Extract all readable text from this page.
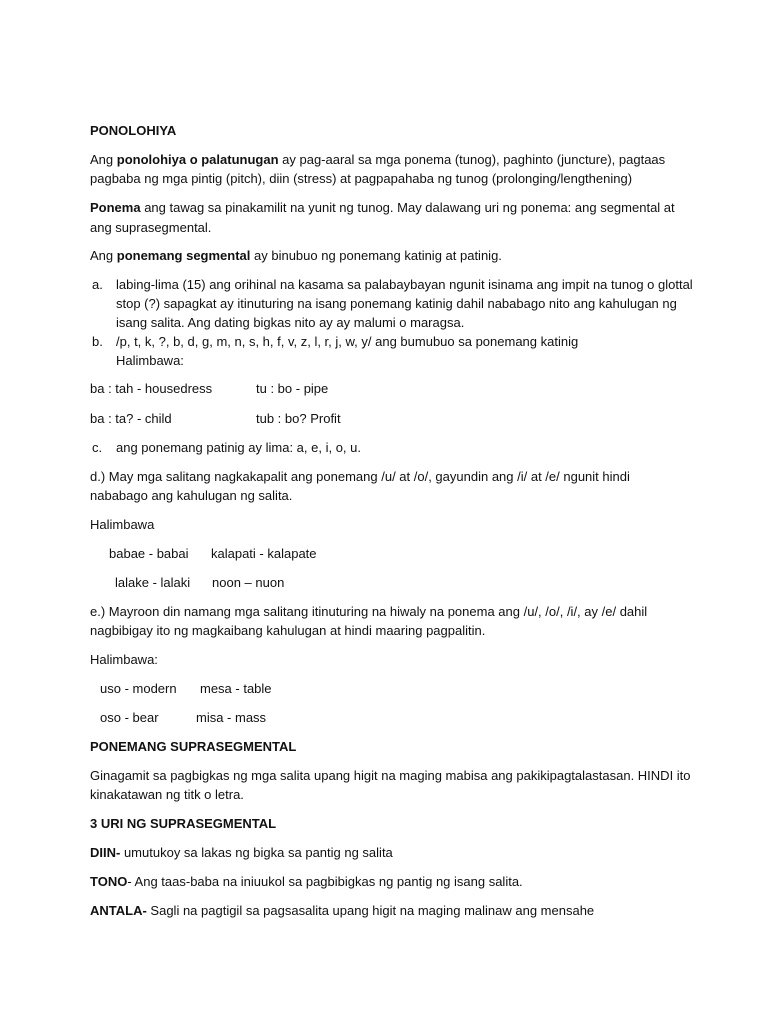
PONOLOHIYA
Ang ponolohiya o palatunugan ay pag-aaral sa mga ponema (tunog), paghinto (juncture), pagtaas
pagbaba ng mga pintig (pitch), diin (stress) at pagpapahaba ng tunog (prolonging/lengthening)
Ponema ang tawag sa pinakamilit na yunit ng tunog. May dalawang uri ng ponema: ang segmental at
ang suprasegmental.
Ang ponemang segmental ay binubuo ng ponemang katinig at patinig.
a. labing-lima (15) ang orihinal na kasama sa palabaybayan ngunit isinama ang impit na tunog o glottal
stop (?) sapagkat ay itinuturing na isang ponemang katinig dahil nababago nito ang kahulugan ng
isang salita. Ang dating bigkas nito ay ay malumi o maragsa.
b. /p, t, k, ?, b, d, g, m, n, s, h, f, v, z, l, r, j, w, y/ ang bumubuo sa ponemang katinig
Halimbawa:
ba : tah - housedress	tu : bo - pipe
ba : ta? - child	tub : bo? Profit
c. ang ponemang patinig ay lima: a, e, i, o, u.
d.) May mga salitang nagkakapalit ang ponemang /u/ at /o/, gayundin ang /i/ at /e/ ngunit hindi
nababago ang kahulugan ng salita.
Halimbawa
babae - babai kalapati - kalapate
lalake - lalaki noon – nuon
e.) Mayroon din namang mga salitang itinuturing na hiwaly na ponema ang /u/, /o/, /i/, ay /e/ dahil
nagbibigay ito ng magkaibang kahulugan at hindi maaring pagpalitin.
Halimbawa:
uso - modern mesa - table
oso - bear	misa - mass
PONEMANG SUPRASEGMENTAL
Ginagamit sa pagbigkas ng mga salita upang higit na maging mabisa ang pakikipagtalastasan. HINDI ito
kinakatawan ng titk o letra.
3 URI NG SUPRASEGMENTAL
DIIN- umutukoy sa lakas ng bigka sa pantig ng salita
TONO- Ang taas-baba na iniuukol sa pagbibigkas ng pantig ng isang salita.
ANTALA- Sagli na pagtigil sa pagsasalita upang higit na maging malinaw ang mensahe
